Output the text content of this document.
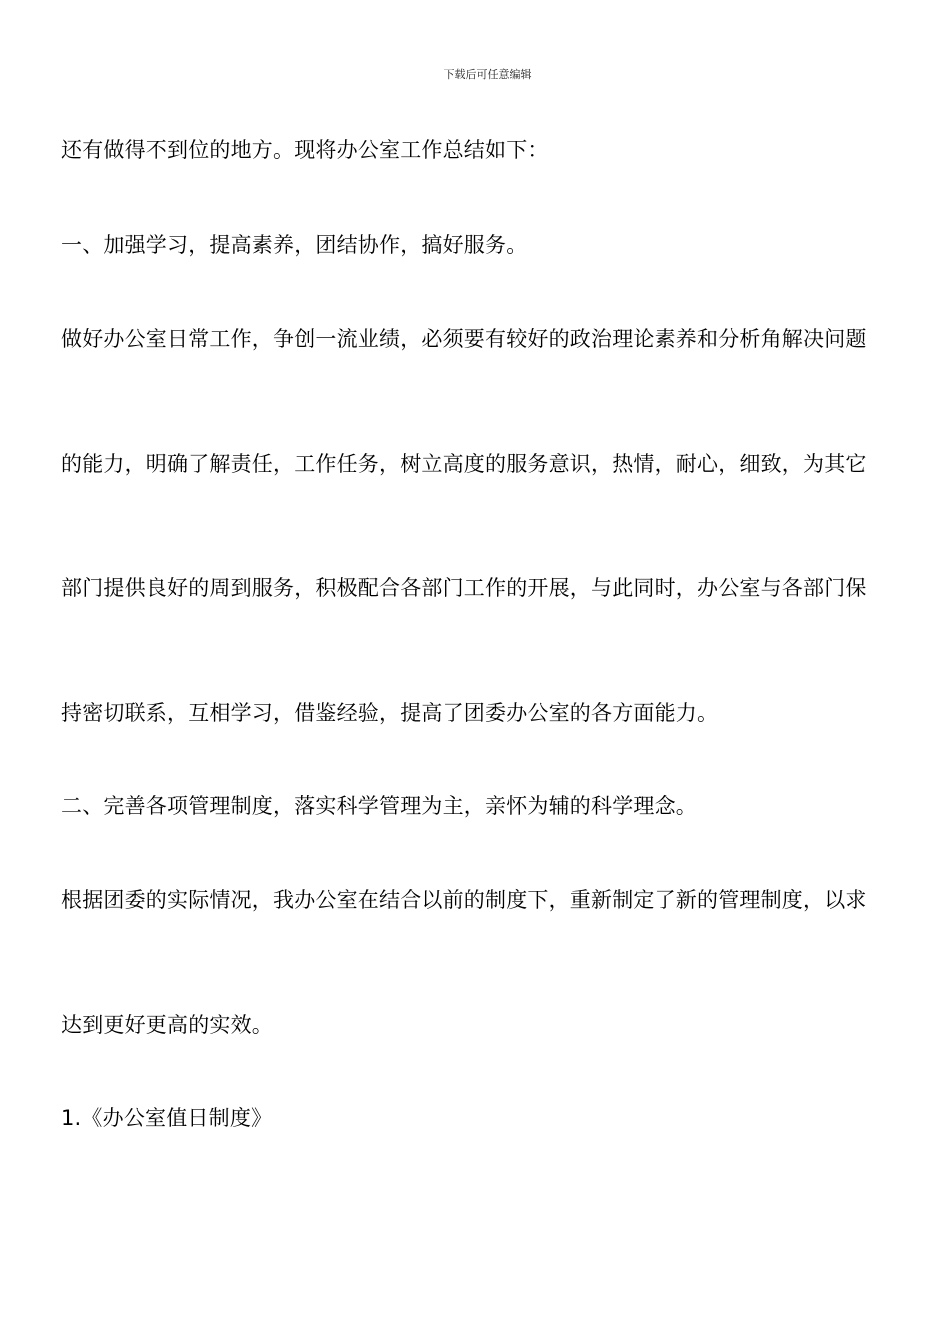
下载后可任意编辑
还有做得不到位的地方。现将办公室工作总结如下：
一、加强学习，提高素养，团结协作，搞好服务。
做好办公室日常工作，争创一流业绩，必须要有较好的政治理论素养和分析角解决问题
的能力，明确了解责任，工作任务，树立高度的服务意识，热情，耐心，细致，为其它
部门提供良好的周到服务，积极配合各部门工作的开展，与此同时，办公室与各部门保
持密切联系，互相学习，借鉴经验，提高了团委办公室的各方面能力。
二、完善各项管理制度，落实科学管理为主，亲怀为辅的科学理念。
根据团委的实际情况，我办公室在结合以前的制度下，重新制定了新的管理制度，以求
达到更好更高的实效。
1.《办公室值日制度》
